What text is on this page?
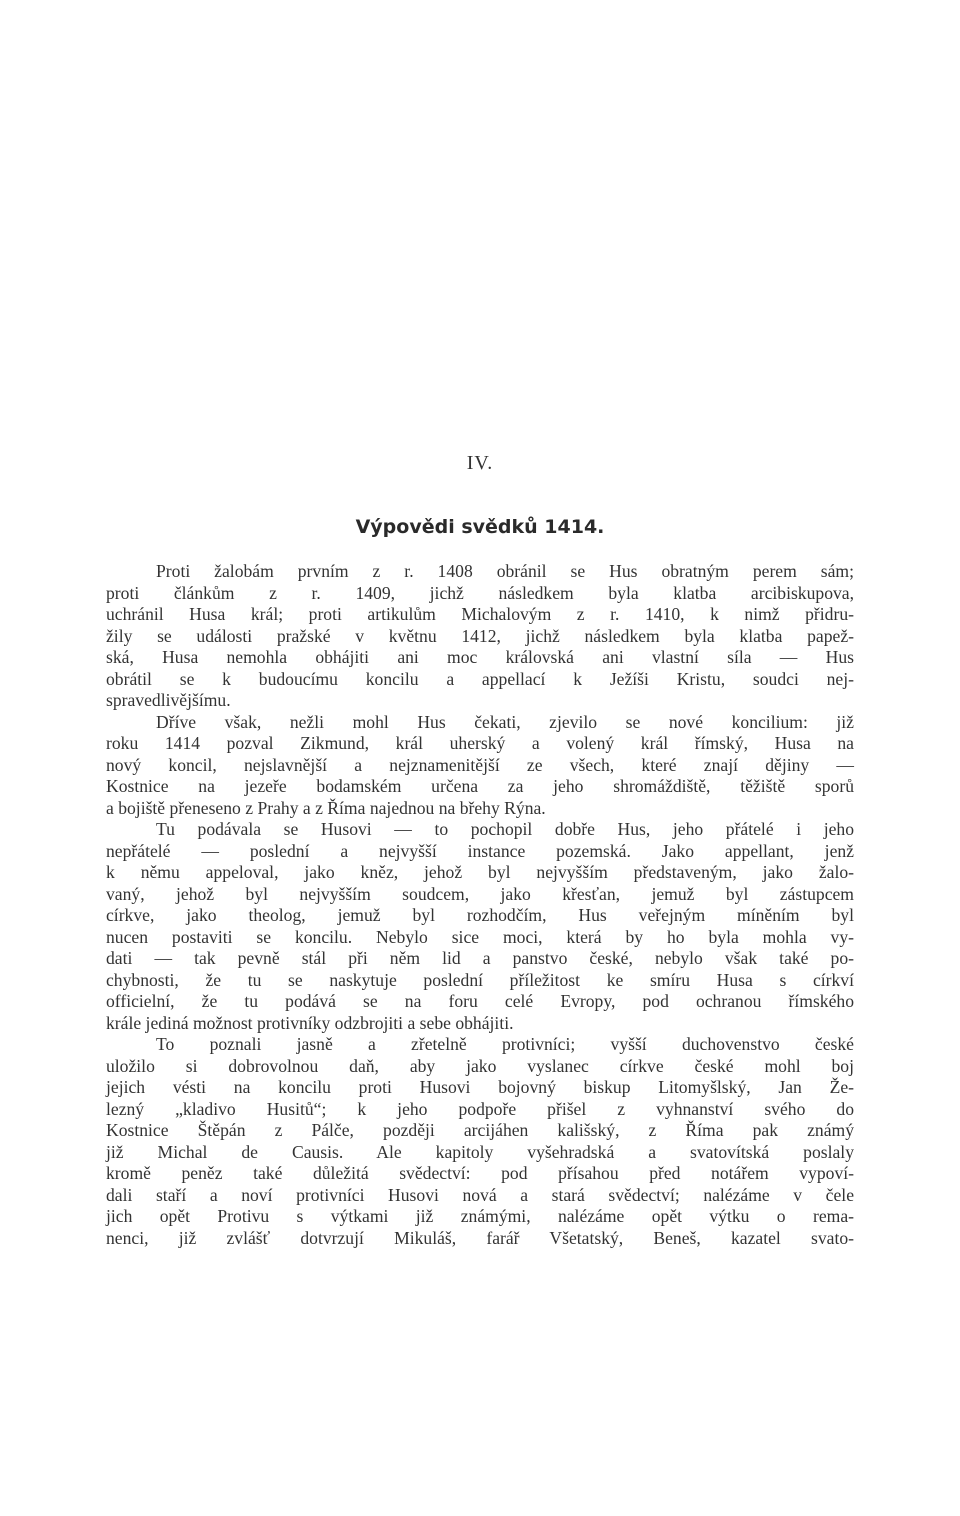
IV.
Výpovědi svědků 1414.
Proti žalobám prvním z r. 1408 obránil se Hus obratným perem sám;
proti článkům z r. 1409, jichž následkem byla klatba arcibiskupova,
uchránil Husa král; proti artikulům Michalovým z r. 1410, k nimž přidru-
žily se události pražské v květnu 1412, jichž následkem byla klatba papež-
ská, Husa nemohla obhájiti ani moc královská ani vlastní síla — Hus
obrátil se k budoucímu koncilu a appellací k Ježíši Kristu, soudci nej-
spravedlivějšímu.
Dříve však, nežli mohl Hus čekati, zjevilo se nové koncilium: již
roku 1414 pozval Zikmund, král uherský a volený král římský, Husa na
nový koncil, nejslavnější a nejznamenitější ze všech, které znají dějiny —
Kostnice na jezeře bodamském určena za jeho shromáždiště, těžiště sporů
a bojiště přeneseno z Prahy a z Říma najednou na břehy Rýna.
Tu podávala se Husovi — to pochopil dobře Hus, jeho přátelé i jeho
nepřátelé — poslední a nejvyšší instance pozemská. Jako appellant, jenž
k němu appeloval, jako kněz, jehož byl nejvyšším představeným, jako žalo-
vaný, jehož byl nejvyšším soudcem, jako křesťan, jemuž byl zástupcem
církve, jako theolog, jemuž byl rozhodčím, Hus veřejným míněním byl
nucen postaviti se koncilu. Nebylo sice moci, která by ho byla mohla vy-
dati — tak pevně stál při něm lid a panstvo české, nebylo však také po-
chybnosti, že tu se naskytuje poslední příležitost ke smíru Husa s církví
officielní, že tu podává se na foru celé Evropy, pod ochranou římského
krále jediná možnost protivníky odzbrojiti a sebe obhájiti.
To poznali jasně a zřetelně protivníci; vyšší duchovenstvo české
uložilo si dobrovolnou daň, aby jako vyslanec církve české mohl boj
jejich vésti na koncilu proti Husovi bojovný biskup Litomyšlský, Jan Že-
lezný „kladivo Husitů“; k jeho podpoře přišel z vyhnanství svého do
Kostnice Štěpán z Pálče, později arcijáhen kališský, z Říma pak známý
již Michal de Causis. Ale kapitoly vyšehradská a svatovítská poslaly
kromě peněz také důležitá svědectví: pod přísahou před notářem vypoví-
dali staří a noví protivníci Husovi nová a stará svědectví; nalézáme v čele
jich opět Protivu s výtkami již známými, nalézáme opět výtku o rema-
nenci, již zvlášť dotvrzují Mikuláš, farář Všetatský, Beneš, kazatel svato-
